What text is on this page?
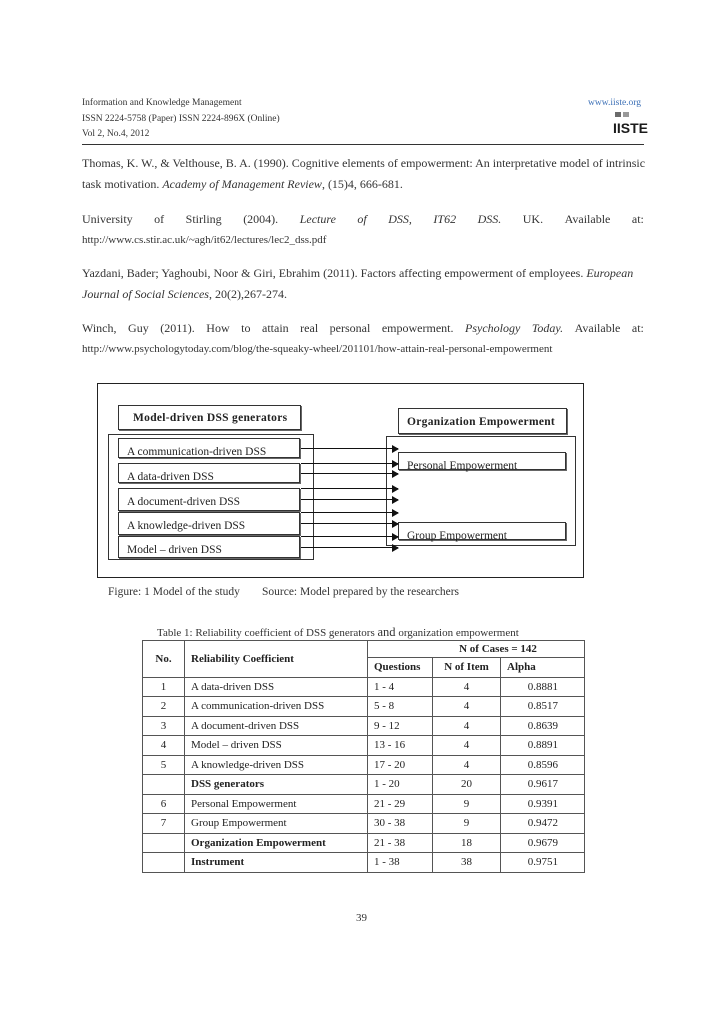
Information and Knowledge Management
ISSN 2224-5758 (Paper) ISSN 2224-896X (Online)
Vol 2, No.4, 2012
www.iiste.org
IISTE
Thomas, K. W., & Velthouse, B. A. (1990). Cognitive elements of empowerment: An interpretative model of intrinsic
task motivation. Academy of Management Review, (15)4, 666-681.
University of Stirling (2004). Lecture of DSS, IT62 DSS. UK. Available at:
http://www.cs.stir.ac.uk/~agh/it62/lectures/lec2_dss.pdf
Yazdani, Bader; Yaghoubi, Noor & Giri, Ebrahim (2011). Factors affecting empowerment of employees. European
Journal of Social Sciences, 20(2),267-274.
Winch, Guy (2011). How to attain real personal empowerment. Psychology Today. Available at:
http://www.psychologytoday.com/blog/the-squeaky-wheel/201101/how-attain-real-personal-empowerment
Model-driven DSS generators
A communication-driven DSS
A data-driven DSS
A document-driven DSS
A knowledge-driven DSS
Model – driven DSS
Organization Empowerment
Personal Empowerment
Group Empowerment
Figure: 1 Model of the study Source: Model prepared by the researchers
Table 1: Reliability coefficient of DSS generators and organization empowerment
No.	Reliability Coefficient	N of Cases = 142		
		Questions	N of Item	Alpha
1	A data-driven DSS	1 - 4	4	0.8881
2	A communication-driven DSS	5 - 8	4	0.8517
3	A document-driven DSS	9 - 12	4	0.8639
4	Model – driven DSS	13 - 16	4	0.8891
5	A knowledge-driven DSS	17 - 20	4	0.8596
	DSS generators	1 - 20	20	0.9617
6	Personal Empowerment	21 - 29	9	0.9391
7	Group Empowerment	30 - 38	9	0.9472
	Organization Empowerment	21 - 38	18	0.9679
	Instrument	1 - 38	38	0.9751
39
